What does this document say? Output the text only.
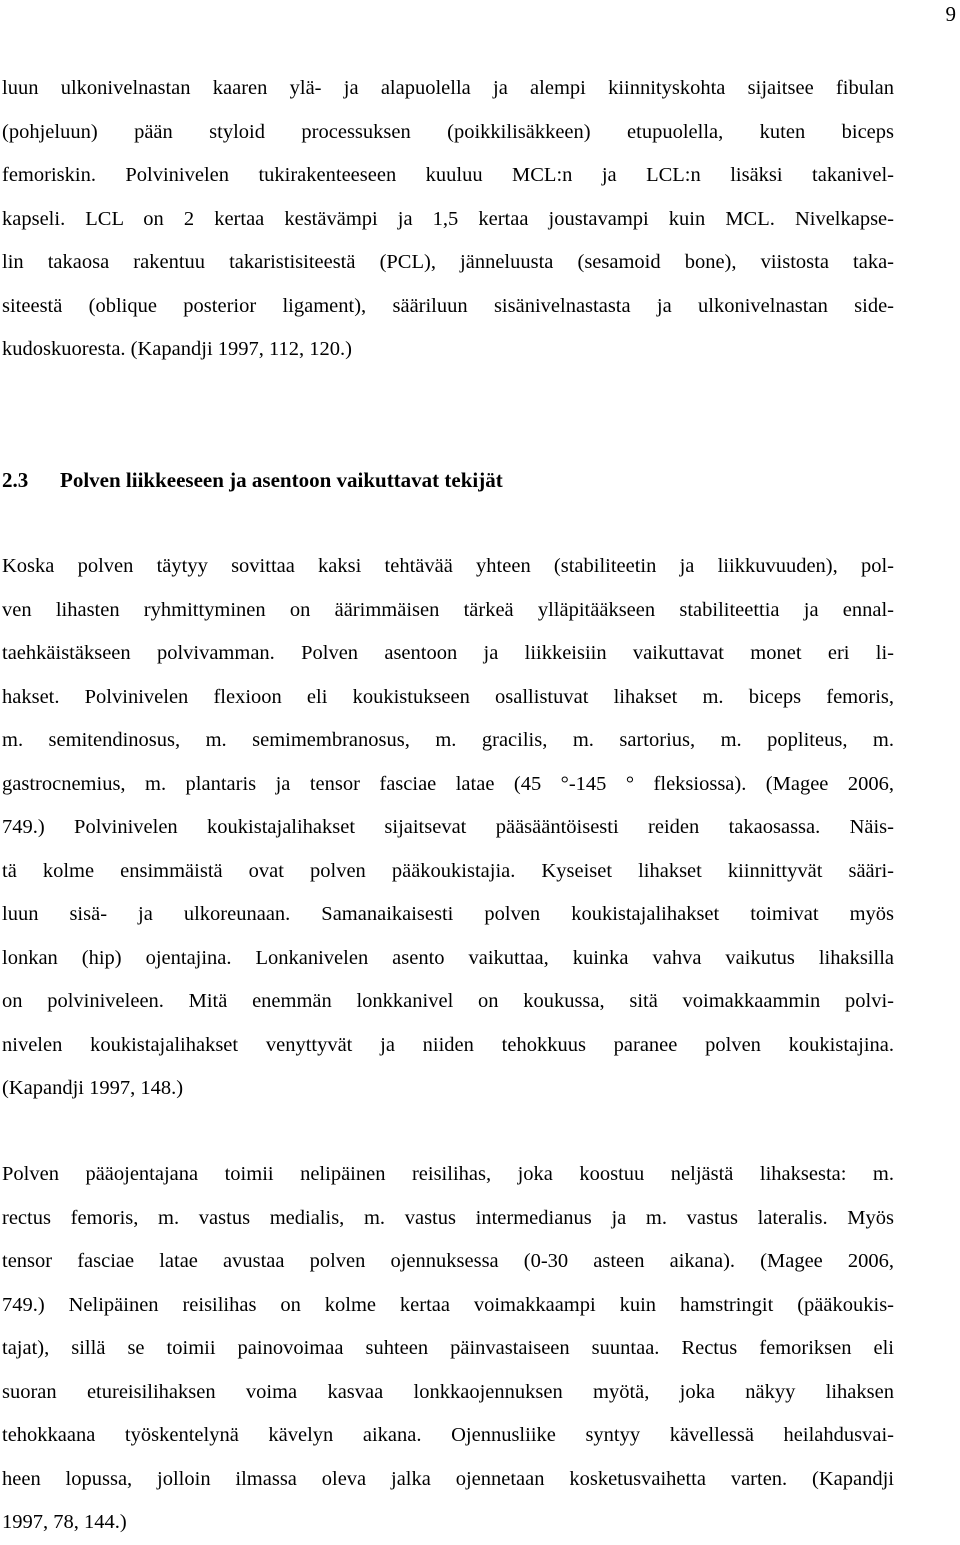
9
luun ulkonivelnastan kaaren ylä- ja alapuolella ja alempi kiinnityskohta sijaitsee fibulan
(pohjeluun) pään styloid processuksen (poikkilisäkkeen) etupuolella, kuten biceps
femoriskin. Polvinivelen tukirakenteeseen kuuluu MCL:n ja LCL:n lisäksi takanivel-
kapseli. LCL on 2 kertaa kestävämpi ja 1,5 kertaa joustavampi kuin MCL. Nivelkapse-
lin takaosa rakentuu takaristisiteestä (PCL), jänneluusta (sesamoid bone), viistosta taka-
siteestä (oblique posterior ligament), sääriluun sisänivelnastasta ja ulkonivelnastan side-
kudoskuoresta. (Kapandji 1997, 112, 120.)
2.3 Polven liikkeeseen ja asentoon vaikuttavat tekijät
Koska polven täytyy sovittaa kaksi tehtävää yhteen (stabiliteetin ja liikkuvuuden), pol-
ven lihasten ryhmittyminen on äärimmäisen tärkeä ylläpitääkseen stabiliteettia ja ennal-
taehkäistäkseen polvivamman. Polven asentoon ja liikkeisiin vaikuttavat monet eri li-
hakset. Polvinivelen flexioon eli koukistukseen osallistuvat lihakset m. biceps femoris,
m. semitendinosus, m. semimembranosus, m. gracilis, m. sartorius, m. popliteus, m.
gastrocnemius, m. plantaris ja tensor fasciae latae (45 °-145 ° fleksiossa). (Magee 2006,
749.) Polvinivelen koukistajalihakset sijaitsevat pääsääntöisesti reiden takaosassa. Näis-
tä kolme ensimmäistä ovat polven pääkoukistajia. Kyseiset lihakset kiinnittyvät sääri-
luun sisä- ja ulkoreunaan. Samanaikaisesti polven koukistajalihakset toimivat myös
lonkan (hip) ojentajina. Lonkanivelen asento vaikuttaa, kuinka vahva vaikutus lihaksilla
on polviniveleen. Mitä enemmän lonkkanivel on koukussa, sitä voimakkaammin polvi-
nivelen koukistajalihakset venyttyvät ja niiden tehokkuus paranee polven koukistajina.
(Kapandji 1997, 148.)
Polven pääojentajana toimii nelipäinen reisilihas, joka koostuu neljästä lihaksesta: m.
rectus femoris, m. vastus medialis, m. vastus intermedianus ja m. vastus lateralis. Myös
tensor fasciae latae avustaa polven ojennuksessa (0-30 asteen aikana). (Magee 2006,
749.) Nelipäinen reisilihas on kolme kertaa voimakkaampi kuin hamstringit (pääkoukis-
tajat), sillä se toimii painovoimaa suhteen päinvastaiseen suuntaa. Rectus femoriksen eli
suoran etureisilihaksen voima kasvaa lonkkaojennuksen myötä, joka näkyy lihaksen
tehokkaana työskentelynä kävelyn aikana. Ojennusliike syntyy kävellessä heilahdusvai-
heen lopussa, jolloin ilmassa oleva jalka ojennetaan kosketusvaihetta varten. (Kapandji
1997, 78, 144.)
